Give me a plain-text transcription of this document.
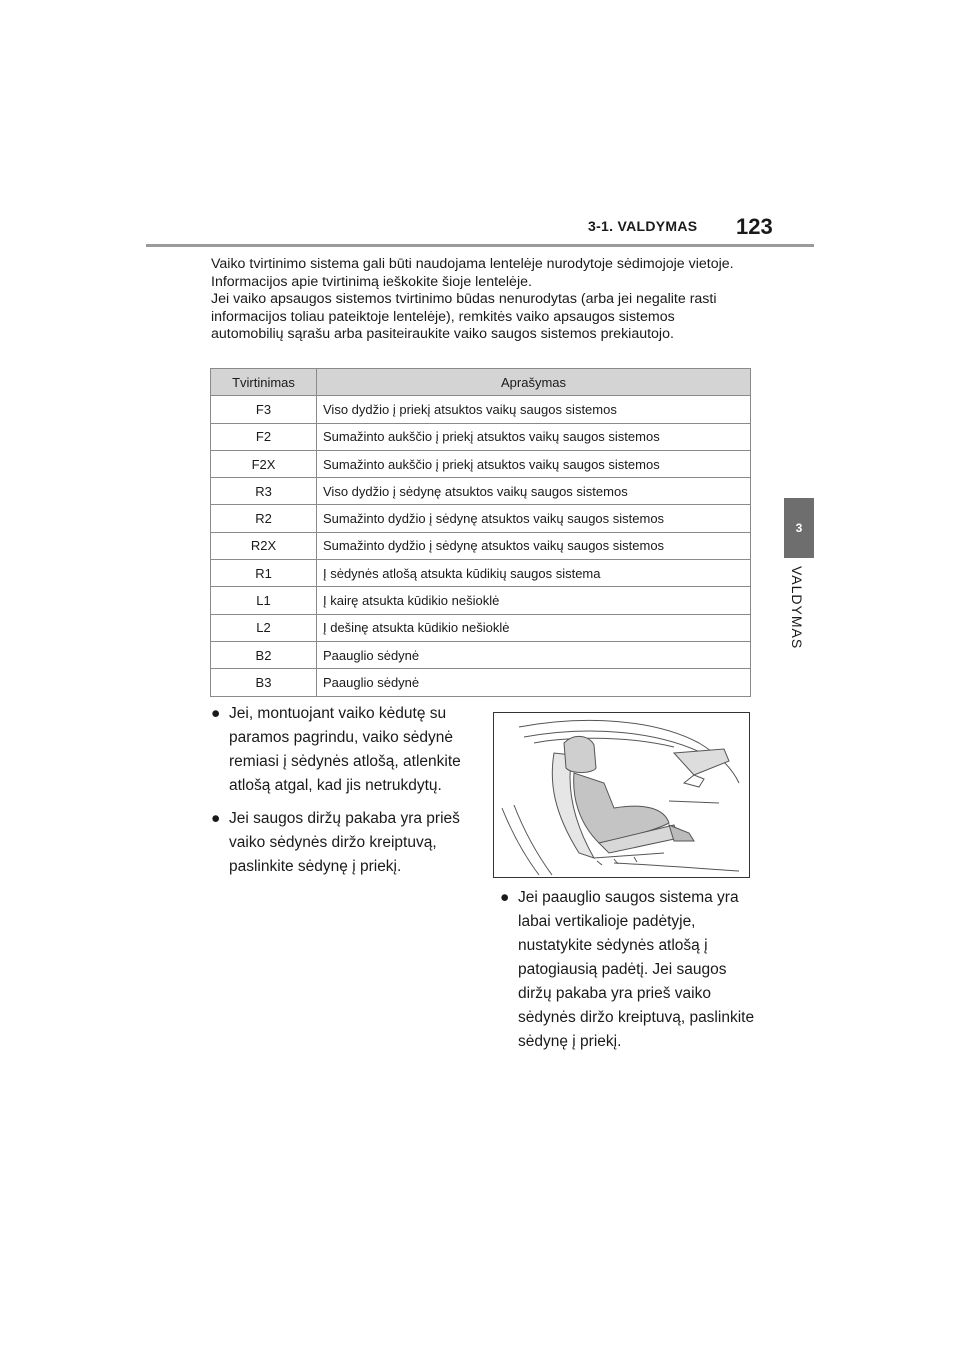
3-1. VALDYMAS 123
3
VALDYMAS

Vaiko tvirtinimo sistema gali būti naudojama lentelėje nurodytoje sėdimojoje vietoje. Informacijos apie tvirtinimą ieškokite šioje lentelėje.

Jei vaiko apsaugos sistemos tvirtinimo būdas nenurodytas (arba jei negalite rasti informacijos toliau pateiktoje lentelėje), remkitės vaiko apsaugos sistemos automobilių sąrašu arba pasiteiraukite vaiko saugos sistemos prekiautojo.

Tvirtinimas	Aprašymas
F3	Viso dydžio į priekį atsuktos vaikų saugos sistemos
F2	Sumažinto aukščio į priekį atsuktos vaikų saugos sistemos
F2X	Sumažinto aukščio į priekį atsuktos vaikų saugos sistemos
R3	Viso dydžio į sėdynę atsuktos vaikų saugos sistemos
R2	Sumažinto dydžio į sėdynę atsuktos vaikų saugos sistemos
R2X	Sumažinto dydžio į sėdynę atsuktos vaikų saugos sistemos
R1	Į sėdynės atlošą atsukta kūdikių saugos sistema
L1	Į kairę atsukta kūdikio nešioklė
L2	Į dešinę atsukta kūdikio nešioklė
B2	Paauglio sėdynė
B3	Paauglio sėdynė
● Jei, montuojant vaiko kėdutę su paramos pagrindu, vaiko sėdynė remiasi į sėdynės atlošą, atlenkite atlošą atgal, kad jis netrukdytų.
● Jei saugos diržų pakaba yra prieš vaiko sėdynės diržo kreiptuvą, paslinkite sėdynę į priekį.
● Jei paauglio saugos sistema yra labai vertikalioje padėtyje, nustatykite sėdynės atlošą į patogiausią padėtį. Jei saugos diržų pakaba yra prieš vaiko sėdynės diržo kreiptuvą, paslinkite sėdynę į priekį.
